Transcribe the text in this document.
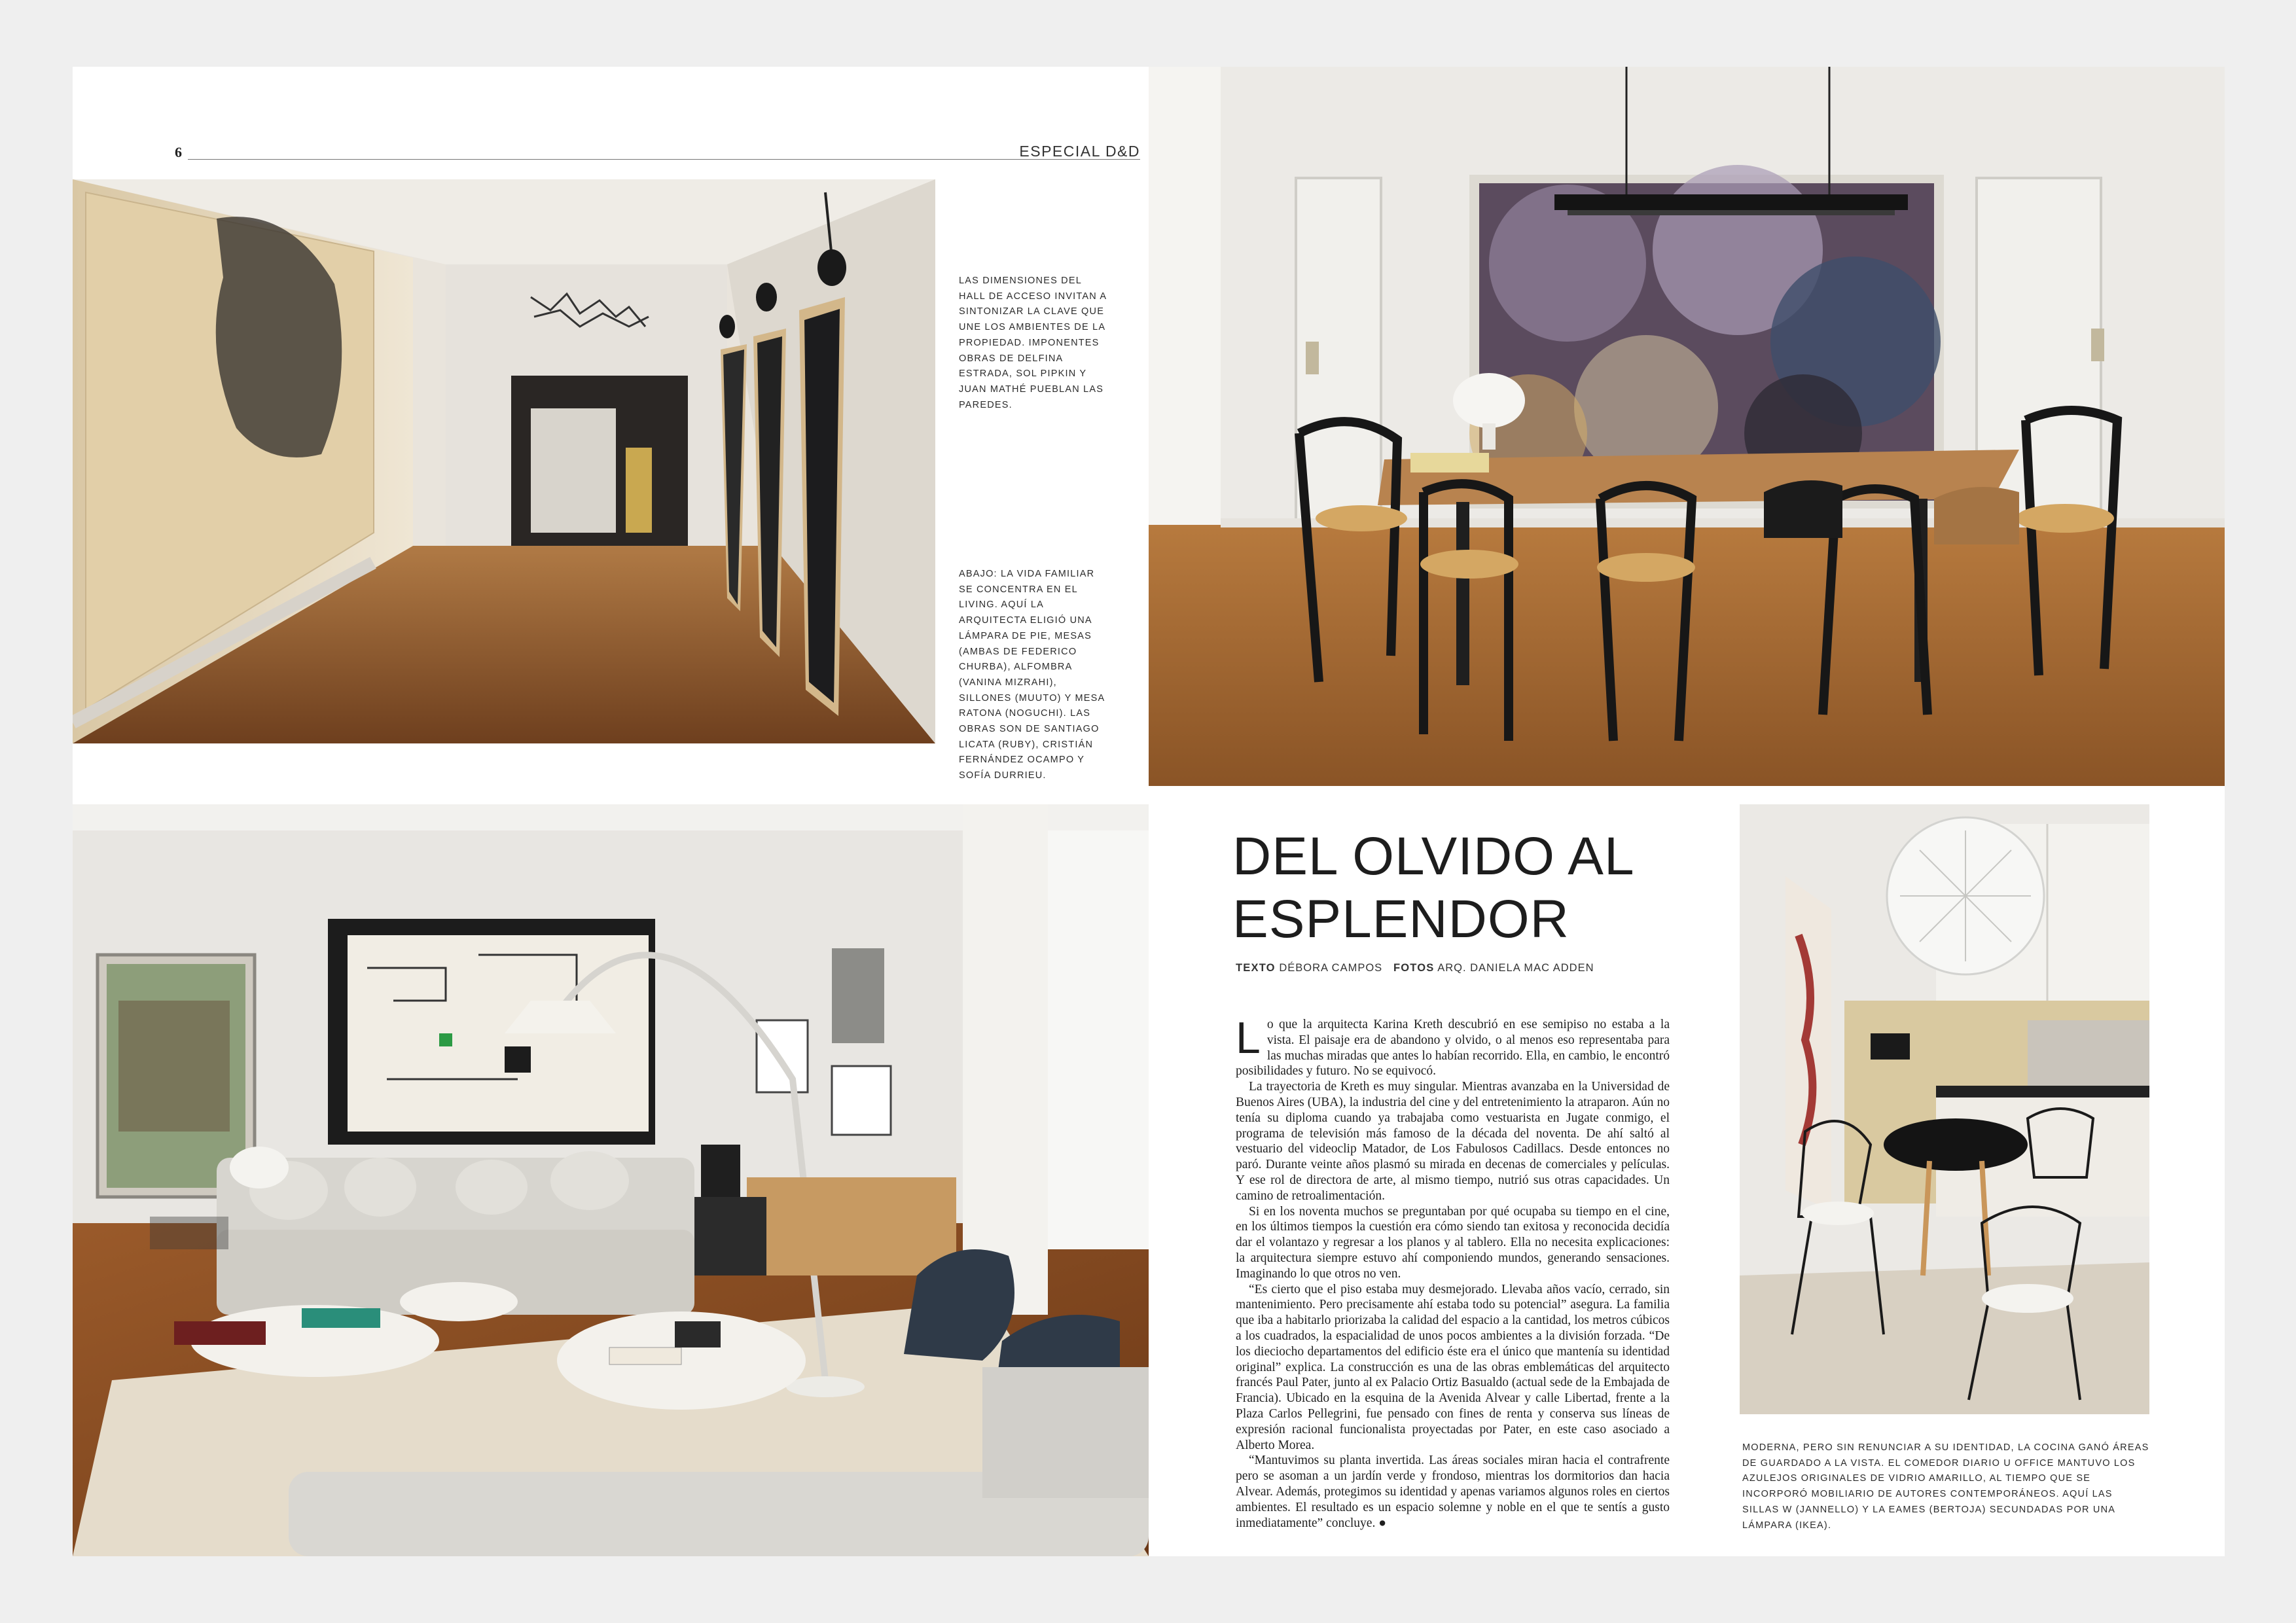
6	ESPECIAL D&D
LAS DIMENSIONES DEL HALL DE ACCESO INVITAN A SINTONIZAR LA CLAVE QUE UNE LOS AMBIENTES DE LA PROPIEDAD. IMPONENTES OBRAS DE DELFINA ESTRADA, SOL PIPKIN Y JUAN MATHÉ PUEBLAN LAS PAREDES.
ABAJO: LA VIDA FAMILIAR SE CONCENTRA EN EL LIVING. AQUÍ LA ARQUITECTA ELIGIÓ UNA LÁMPARA DE PIE, MESAS (AMBAS DE FEDERICO CHURBA), ALFOMBRA (VANINA MIZRAHI), SILLONES (MUUTO) Y MESA RATONA (NOGUCHI). LAS OBRAS SON DE SANTIAGO LICATA (RUBY), CRISTIÁN FERNÁNDEZ OCAMPO Y SOFÍA DURRIEU.
DEL OLVIDO AL
ESPLENDOR
TEXTO DÉBORA CAMPOS FOTOS ARQ. DANIELA MAC ADDEN

Lo que la arquitecta Karina Kreth descubrió en ese semipiso no estaba a la vista. El paisaje era de abandono y olvido, o al menos eso representaba para las muchas miradas que antes lo habían recorrido. Ella, en cambio, le encontró posibilidades y futuro. No se equivocó.

La trayectoria de Kreth es muy singular. Mientras avanzaba en la Universidad de Buenos Aires (UBA), la industria del cine y del entretenimiento la atraparon. Aún no tenía su diploma cuando ya trabajaba como vestuarista en Jugate conmigo, el programa de televisión más famoso de la década del noventa. De ahí saltó al vestuario del videoclip Matador, de Los Fabulosos Cadillacs. Desde entonces no paró. Durante veinte años plasmó su mirada en decenas de comerciales y películas. Y ese rol de directora de arte, al mismo tiempo, nutrió sus otras capacidades. Un camino de retroalimentación.

Si en los noventa muchos se preguntaban por qué ocupaba su tiempo en el cine, en los últimos tiempos la cuestión era cómo siendo tan exitosa y reconocida decidía dar el volantazo y regresar a los planos y al tablero. Ella no necesita explicaciones: la arquitectura siempre estuvo ahí componiendo mundos, generando sensaciones. Imaginando lo que otros no ven.

“Es cierto que el piso estaba muy desmejorado. Llevaba años vacío, cerrado, sin mantenimiento. Pero precisamente ahí estaba todo su potencial” asegura. La familia que iba a habitarlo priorizaba la calidad del espacio a la cantidad, los metros cúbicos a los cuadrados, la espacialidad de unos pocos ambientes a la división forzada. “De los dieciocho departamentos del edificio éste era el único que mantenía su identidad original” explica. La construcción es una de las obras emblemáticas del arquitecto francés Paul Pater, junto al ex Palacio Ortiz Basualdo (actual sede de la Embajada de Francia). Ubicado en la esquina de la Avenida Alvear y calle Libertad, frente a la Plaza Carlos Pellegrini, fue pensado con fines de renta y conserva sus líneas de expresión racional funcionalista proyectadas por Pater, en este caso asociado a Alberto Morea.

“Mantuvimos su planta invertida. Las áreas sociales miran hacia el contrafrente pero se asoman a un jardín verde y frondoso, mientras los dormitorios dan hacia Alvear. Además, protegimos su identidad y apenas variamos algunos roles en ciertos ambientes. El resultado es un espacio solemne y noble en el que te sentís a gusto inmediatamente” concluye. ●

MODERNA, PERO SIN RENUNCIAR A SU IDENTIDAD, LA COCINA GANÓ ÁREAS DE GUARDADO A LA VISTA. EL COMEDOR DIARIO U OFFICE MANTUVO LOS AZULEJOS ORIGINALES DE VIDRIO AMARILLO, AL TIEMPO QUE SE INCORPORÓ MOBILIARIO DE AUTORES CONTEMPORÁNEOS. AQUÍ LAS SILLAS W (JANNELLO) Y LA EAMES (BERTOJA) SECUNDADAS POR UNA LÁMPARA (IKEA).
